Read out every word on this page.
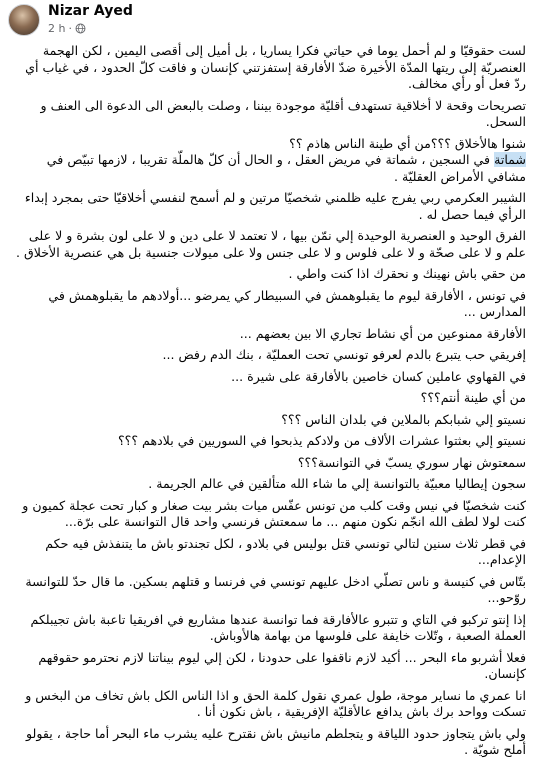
Nizar Ayed
2 h ·

لست حقوقيّا و لم أحمل يوما في حياتي فكرا يساريا ، بل أميل إلى أقصى اليمين ، لكن الهجمة العنصريّة إلى ريتها المدّة الأخيرة ضدّ الأفارقة إستفزتني كإنسان و فاقت كلّ الحدود ، في غياب أي ردّ فعل أو رأي مخالف.

تصريحات وقحة لا أخلاقية تستهدف أقليّة موجودة بيننا ، وصلت بالبعض الى الدعوة الى العنف و السحل.

شنوا هالأخلاق ؟؟؟من أي طينة الناس هاذم ؟؟
شماتة في السجين ، شماتة في مريض العقل ، و الحال أن كلّ هالملّة تقريبا ، لازمها تبيّص في مشافي الأمراض العقليّة .

الشيبر العكرمي ربي يفرج عليه ظلمني شخصيّا مرتين و لم أسمح لنفسي أخلاقيّا حتى بمجرد إبداء الرأي فيما حصل له .

الفرق الوحيد و العنصرية الوحيدة إلي نمّن بيها ، لا تعتمد لا على دين و لا على لون بشرة و لا على علم و لا على صحّة و لا على فلوس و لا على جنس ولا على ميولات جنسية بل هي عنصرية الأخلاق .

من حقي باش نهينك و نحقرك اذا كنت واطي .

في تونس ، الأفارقة ليوم ما يقبلوهمش في السبيطار كي يمرضو ...أولادهم ما يقبلوهمش في المدارس ...

الأفارقة ممنوعين من أي نشاط تجاري الا بين بعضهم ...

إفريقي حب يتبرع بالدم لعرفو تونسي تحت العمليّة ، بنك الدم رفض ...

في القهاوي عاملين كسان خاصين بالأفارقة على شيرة ...

من أي طينة أنتم؟؟؟

نسيتو إلي شبابكم بالملاين في بلدان الناس ؟؟؟

نسيتو إلي بعثتوا عشرات الألاف من ولادكم يذبحوا في السوريين في بلادهم ؟؟؟

سمعتوش نهار سوري يسبّ في التوانسة؟؟؟

سجون إيطاليا معبيّة بالتوانسة إلي ما شاء الله متألقين في عالم الجريمة .

كنت شخصيّا في نيس وقت كلب من تونس عفّس ميات بشر بيت صغار و كبار تحت عجلة كميون و كنت لولا لطف الله انجّم نكون منهم ... ما سمعتش فرنسي واحد قال التوانسة على برّة...

في قطر ثلاث سنين لتالي تونسي قتل بوليس في بلادو ، لكل تجندتو باش ما يتنفذش فيه حكم الإعدام...

بتّاس في كنيسة و ناس تصلّي ادخل عليهم تونسي في فرنسا و قتلهم بسكين. ما قال حدّ للتوانسة روّحو...

إذا إنتو تركبو في التاي و تتبرو عالأفارقة فما توانسة عندها مشاريع في افريقيا تاعبة باش تجيبلكم العملة الصعبة ، وتّلات خايفة على فلوسها من بهامة هالأوباش.

فعلا أشربو ماء البحر ... أكيد لازم ناقفوا على حدودنا ، لكن إلي ليوم بيناتنا لازم نحترمو حقوقهم كإنسان.

انا عمري ما نساير موجة، طول عمري نقول كلمة الحق و اذا الناس الكل باش تخاف من البخس و تسكت وواحد برك باش يدافع عالأقليّة الإفريقية ، باش نكون أنا .

ولي باش يتجاوز حدود اللياقة و يتجلطم مانيش باش نقترح عليه يشرب ماء البحر أما حاجة ، يقولو أملح شويّة .
